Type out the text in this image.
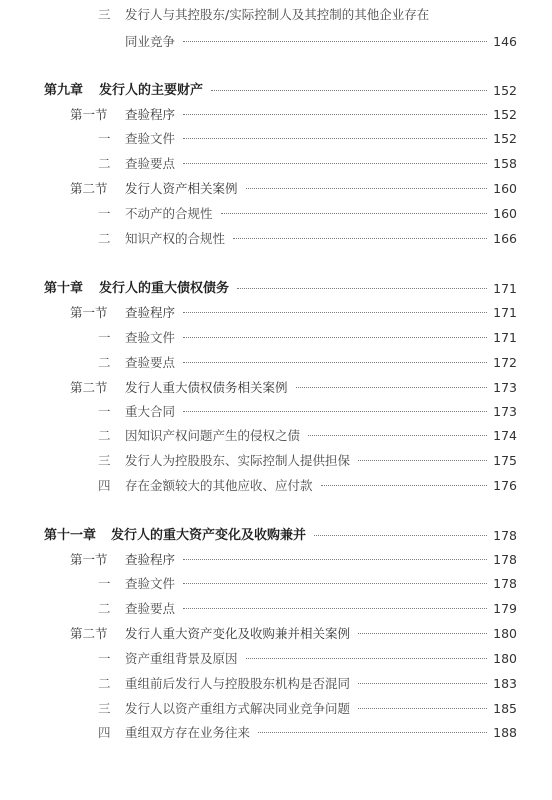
三 发行人与其控股东/实际控制人及其控制的其他企业存在
同业竞争	146
第九章 发行人的主要财产	152
第一节 查验程序	152
一 查验文件	152
二 查验要点	158
第二节 发行人资产相关案例	160
一 不动产的合规性	160
二 知识产权的合规性	166
第十章 发行人的重大债权债务	171
第一节 查验程序	171
一 查验文件	171
二 查验要点	172
第二节 发行人重大债权债务相关案例	173
一 重大合同	173
二 因知识产权问题产生的侵权之债	174
三 发行人为控股股东、实际控制人提供担保	175
四 存在金额较大的其他应收、应付款	176
第十一章 发行人的重大资产变化及收购兼并	178
第一节 查验程序	178
一 查验文件	178
二 查验要点	179
第二节 发行人重大资产变化及收购兼并相关案例	180
一 资产重组背景及原因	180
二 重组前后发行人与控股股东机构是否混同	183
三 发行人以资产重组方式解决同业竞争问题	185
四 重组双方存在业务往来	188
